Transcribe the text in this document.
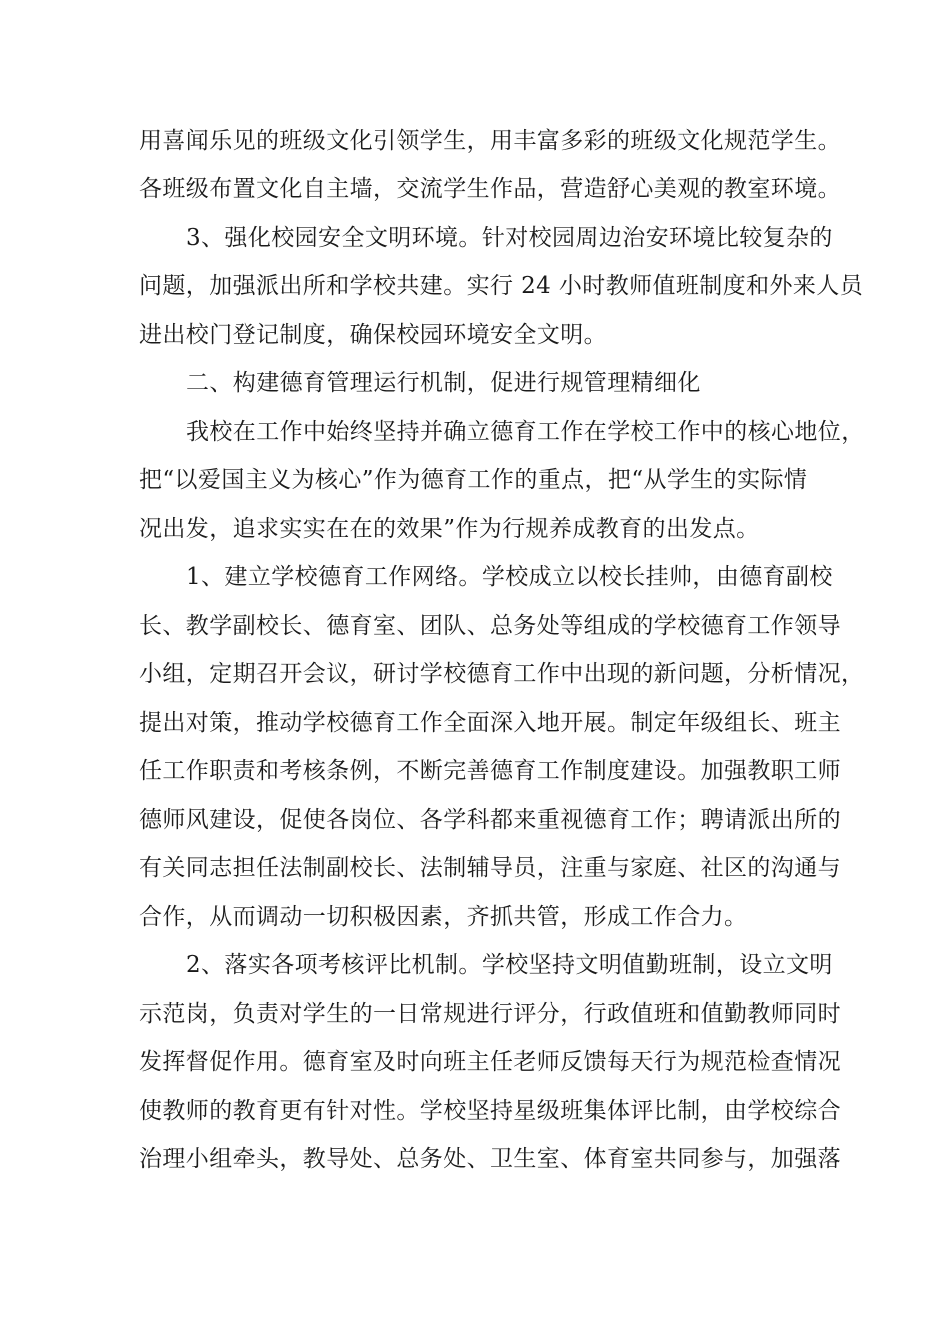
用喜闻乐见的班级文化引领学生，用丰富多彩的班级文化规范学生。
各班级布置文化自主墙，交流学生作品，营造舒心美观的教室环境。
3、强化校园安全文明环境。针对校园周边治安环境比较复杂的
问题，加强派出所和学校共建。实行 24 小时教师值班制度和外来人员
进出校门登记制度，确保校园环境安全文明。
二、构建德育管理运行机制，促进行规管理精细化
我校在工作中始终坚持并确立德育工作在学校工作中的核心地位，
把“以爱国主义为核心”作为德育工作的重点，把“从学生的实际情
况出发，追求实实在在的效果”作为行规养成教育的出发点。
1、建立学校德育工作网络。学校成立以校长挂帅，由德育副校
长、教学副校长、德育室、团队、总务处等组成的学校德育工作领导
小组，定期召开会议，研讨学校德育工作中出现的新问题，分析情况，
提出对策，推动学校德育工作全面深入地开展。制定年级组长、班主
任工作职责和考核条例，不断完善德育工作制度建设。加强教职工师
德师风建设，促使各岗位、各学科都来重视德育工作；聘请派出所的
有关同志担任法制副校长、法制辅导员，注重与家庭、社区的沟通与
合作，从而调动一切积极因素，齐抓共管，形成工作合力。
2、落实各项考核评比机制。学校坚持文明值勤班制，设立文明
示范岗，负责对学生的一日常规进行评分，行政值班和值勤教师同时
发挥督促作用。德育室及时向班主任老师反馈每天行为规范检查情况
使教师的教育更有针对性。学校坚持星级班集体评比制，由学校综合
治理小组牵头，教导处、总务处、卫生室、体育室共同参与，加强落
